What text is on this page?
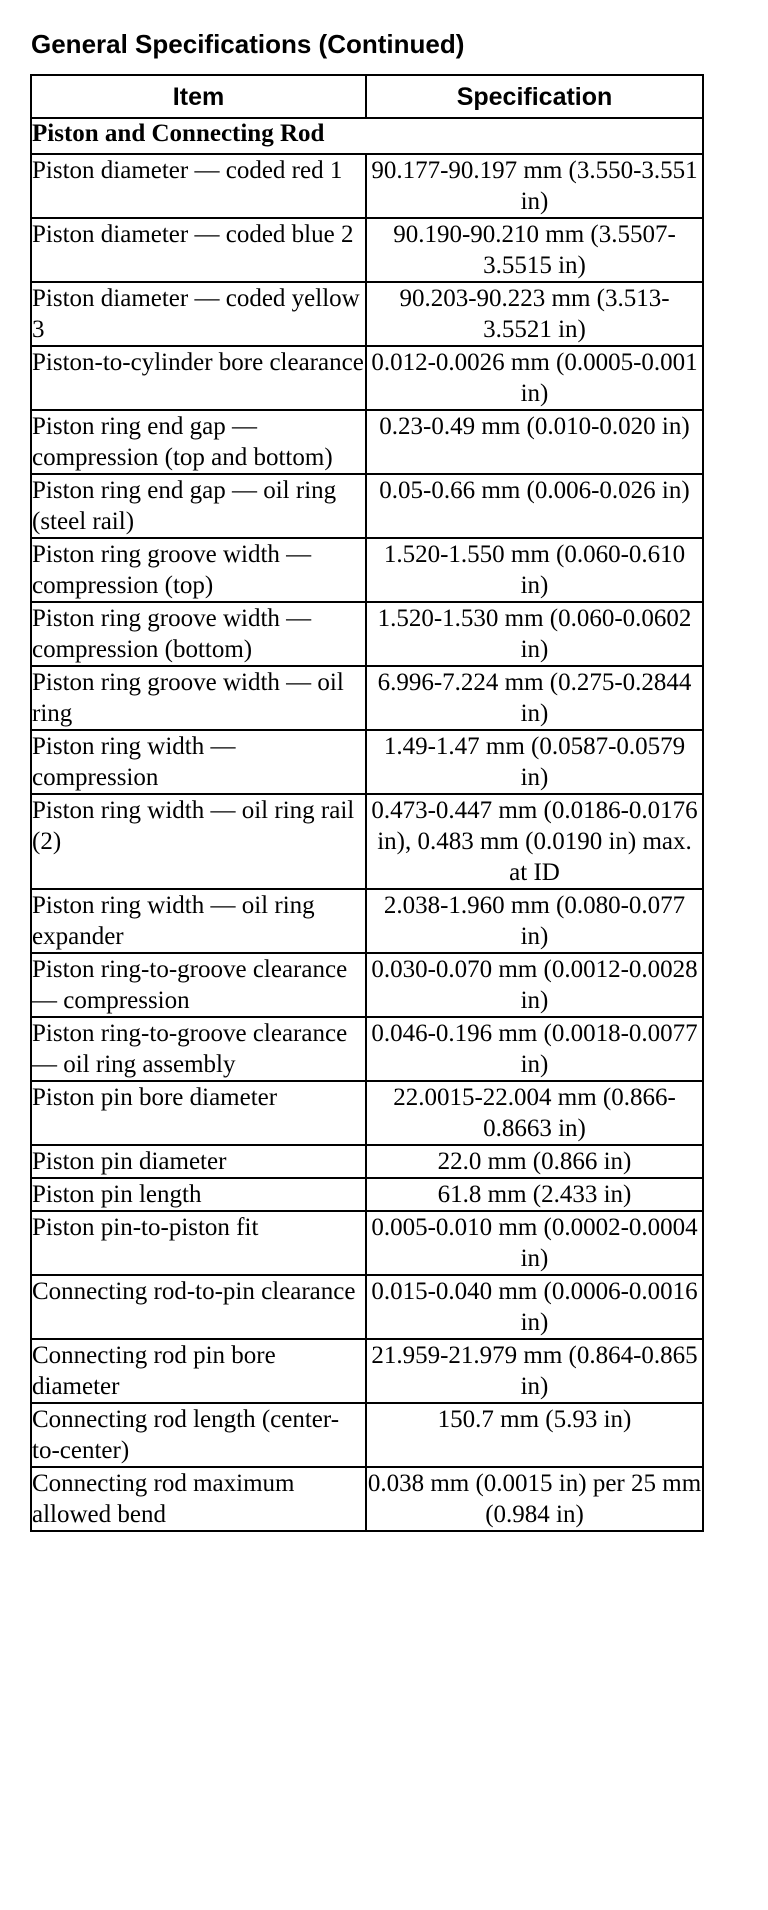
General Specifications (Continued)
Item	Specification
Piston and Connecting Rod	
Piston diameter — coded red 1	90.177-90.197 mm (3.550-3.551 in)
Piston diameter — coded blue 2	90.190-90.210 mm (3.5507-3.5515 in)
Piston diameter — coded yellow 3	90.203-90.223 mm (3.513-3.5521 in)
Piston-to-cylinder bore clearance	0.012-0.0026 mm (0.0005-0.001 in)
Piston ring end gap — compression (top and bottom)	0.23-0.49 mm (0.010-0.020 in)
Piston ring end gap — oil ring (steel rail)	0.05-0.66 mm (0.006-0.026 in)
Piston ring groove width — compression (top)	1.520-1.550 mm (0.060-0.610 in)
Piston ring groove width — compression (bottom)	1.520-1.530 mm (0.060-0.0602 in)
Piston ring groove width — oil ring	6.996-7.224 mm (0.275-0.2844 in)
Piston ring width — compression	1.49-1.47 mm (0.0587-0.0579 in)
Piston ring width — oil ring rail (2)	0.473-0.447 mm (0.0186-0.0176 in), 0.483 mm (0.0190 in) max. at ID
Piston ring width — oil ring expander	2.038-1.960 mm (0.080-0.077 in)
Piston ring-to-groove clearance — compression	0.030-0.070 mm (0.0012-0.0028 in)
Piston ring-to-groove clearance — oil ring assembly	0.046-0.196 mm (0.0018-0.0077 in)
Piston pin bore diameter	22.0015-22.004 mm (0.866-0.8663 in)
Piston pin diameter	22.0 mm (0.866 in)
Piston pin length	61.8 mm (2.433 in)
Piston pin-to-piston fit	0.005-0.010 mm (0.0002-0.0004 in)
Connecting rod-to-pin clearance	0.015-0.040 mm (0.0006-0.0016 in)
Connecting rod pin bore diameter	21.959-21.979 mm (0.864-0.865 in)
Connecting rod length (center-to-center)	150.7 mm (5.93 in)
Connecting rod maximum allowed bend	0.038 mm (0.0015 in) per 25 mm (0.984 in)
